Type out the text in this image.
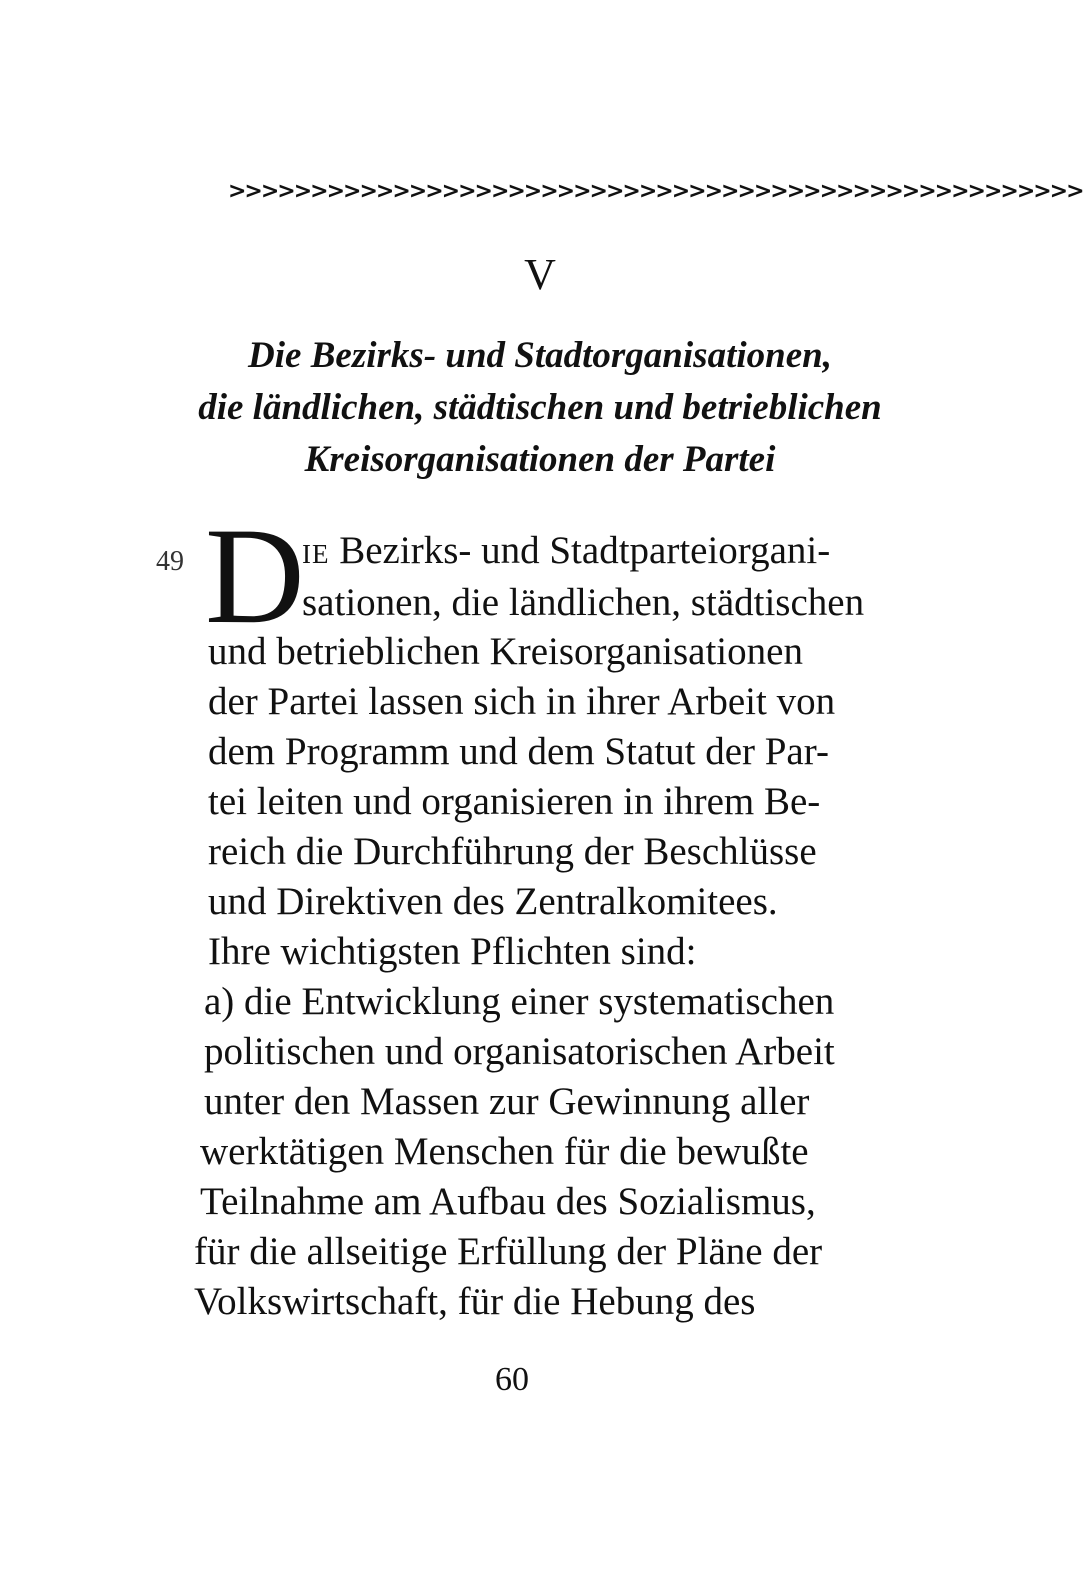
>>>>>>>>>>>>>>>>>>>>>>>>>>>>>>>>>>>>>>>>>>>>>>>>>>>>
V
Die Bezirks- und Stadtorganisationen,
die ländlichen, städtischen und betrieblichen
Kreisorganisationen der Partei
49 D
ie Bezirks- und Stadtparteiorgani-
sationen, die ländlichen, städtischen
und betrieblichen Kreisorganisationen
der Partei lassen sich in ihrer Arbeit von
dem Programm und dem Statut der Par-
tei leiten und organisieren in ihrem Be-
reich die Durchführung der Beschlüsse
und Direktiven des Zentralkomitees.
Ihre wichtigsten Pflichten sind:
a) die Entwicklung einer systematischen
politischen und organisatorischen Arbeit
unter den Massen zur Gewinnung aller
werktätigen Menschen für die bewußte
Teilnahme am Aufbau des Sozialismus,
für die allseitige Erfüllung der Pläne der
Volkswirtschaft, für die Hebung des
60
